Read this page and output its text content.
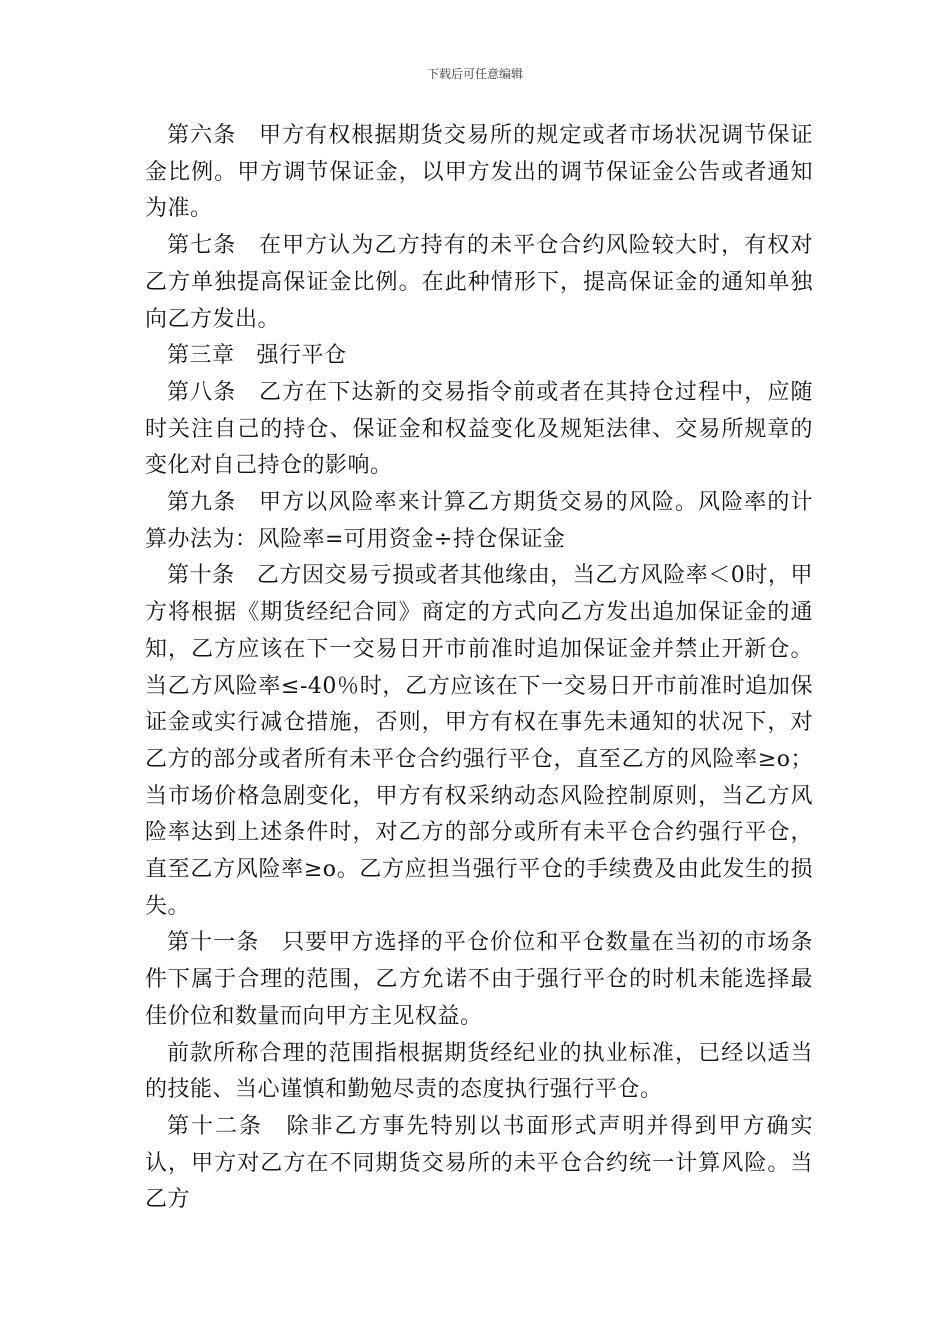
下载后可任意编辑

第六条 甲方有权根据期货交易所的规定或者市场状况调节保证金比例。甲方调节保证金，以甲方发出的调节保证金公告或者通知为准。

第七条 在甲方认为乙方持有的未平仓合约风险较大时，有权对乙方单独提高保证金比例。在此种情形下，提高保证金的通知单独向乙方发出。

第三章 强行平仓

第八条 乙方在下达新的交易指令前或者在其持仓过程中，应随时关注自己的持仓、保证金和权益变化及规矩法律、交易所规章的变化对自己持仓的影响。

第九条 甲方以风险率来计算乙方期货交易的风险。风险率的计算办法为：风险率=可用资金÷持仓保证金

第十条 乙方因交易亏损或者其他缘由，当乙方风险率＜0时，甲方将根据《期货经纪合同》商定的方式向乙方发出追加保证金的通知，乙方应该在下一交易日开市前准时追加保证金并禁止开新仓。当乙方风险率≤-40％时，乙方应该在下一交易日开市前准时追加保证金或实行减仓措施，否则，甲方有权在事先未通知的状况下，对乙方的部分或者所有未平仓合约强行平仓，直至乙方的风险率≥o；当市场价格急剧变化，甲方有权采纳动态风险控制原则，当乙方风险率达到上述条件时，对乙方的部分或所有未平仓合约强行平仓，直至乙方风险率≥o。乙方应担当强行平仓的手续费及由此发生的损失。

第十一条 只要甲方选择的平仓价位和平仓数量在当初的市场条件下属于合理的范围，乙方允诺不由于强行平仓的时机未能选择最佳价位和数量而向甲方主见权益。

前款所称合理的范围指根据期货经纪业的执业标准，已经以适当的技能、当心谨慎和勤勉尽责的态度执行强行平仓。

第十二条 除非乙方事先特别以书面形式声明并得到甲方确实认，甲方对乙方在不同期货交易所的未平仓合约统一计算风险。当乙方
